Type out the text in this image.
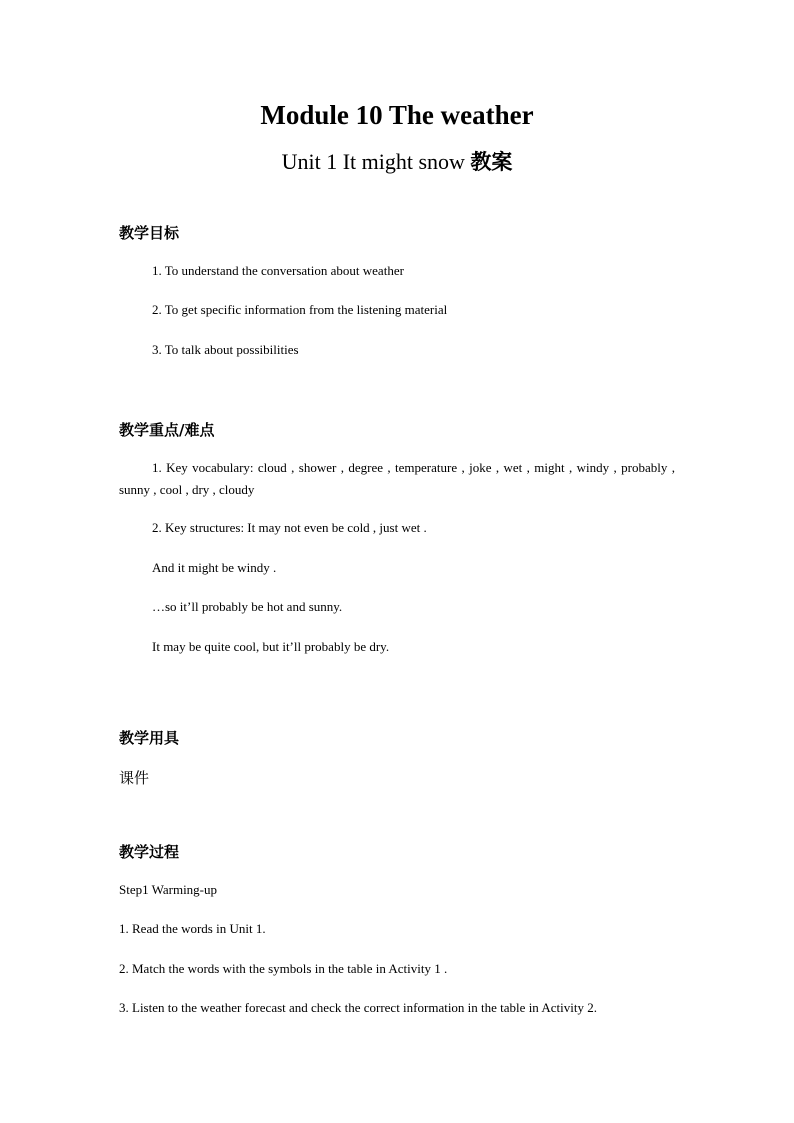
Module 10 The weather
Unit 1 It might snow 教案
教学目标
1. To understand the conversation about weather
2. To get specific information from the listening material
3. To talk about possibilities
教学重点/难点
1. Key vocabulary: cloud , shower , degree , temperature , joke , wet , might , windy , probably , sunny , cool , dry , cloudy
2. Key structures: It may not even be cold , just wet .
And it might be windy .
…so it’ll probably be hot and sunny.
It may be quite cool, but it’ll probably be dry.
教学用具
课件
教学过程
Step1 Warming-up
1. Read the words in Unit 1.
2. Match the words with the symbols in the table in Activity 1 .
3. Listen to the weather forecast and check the correct information in the table in Activity 2.
